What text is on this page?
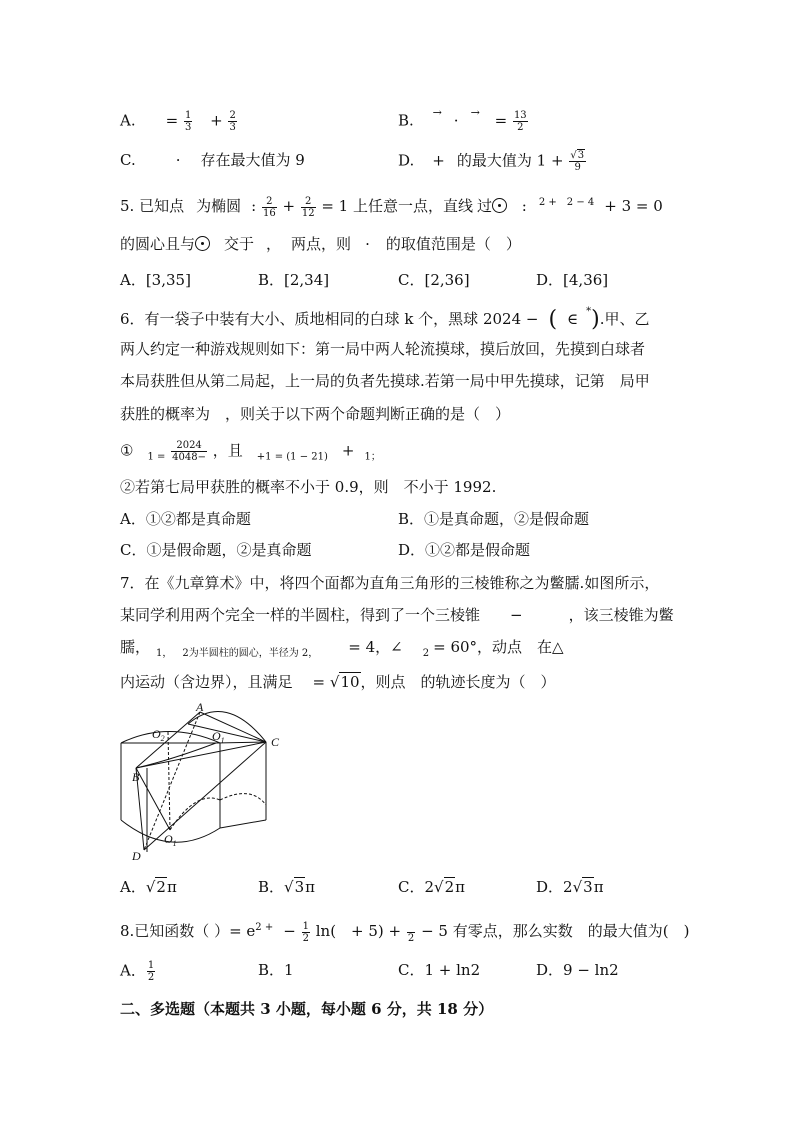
A. = $\frac{1}{3} + \frac{2}{3}$	B. $^\to \cdot ^\to = \frac{13}{2}$
C.	· 存在最大值为 9	D. + 的最大值为 $1 + \frac{√3}{9}$
5. 已知点 为椭圆 : $\frac{2}{16} + \frac{2}{12} = 1$ 上任意一点，直线 过 : $^{2 +}$ $^{2 - 4}$ + 3 = 0
的圆心且与 交于 ， 两点，则 · 的取值范围是（　）
A．[3,35]	B．[2,34]	C．[2,36]	D．[4,36]
6．有一袋子中装有大小、质地相同的白球 k 个，黑球 2024 − ( ∈ *).甲、乙
两人约定一种游戏规则如下：第一局中两人轮流摸球，摸后放回，先摸到白球者
本局获胜但从第二局起，上一局的负者先摸球.若第一局中甲先摸球，记第　局甲
获胜的概率为　，则关于以下两个命题判断正确的是（　）
① $_{1 =} \frac{2024}{4048-}$ ，且 $_{+1 = (1 - 21)}$ + $_{1;}$
②若第七局甲获胜的概率不小于 0.9，则　不小于 1992.
A．①②都是真命题	B．①是真命题，②是假命题
C．①是假命题，②是真命题	D．①②都是假命题
7．在《九章算术》中，将四个面都为直角三角形的三棱锥称之为鳖臑.如图所示，
某同学利用两个完全一样的半圆柱，得到了一个三棱锥 −	，该三棱锥为鳖
臑， $_{1,}$ $_{2为半圆柱的圆心,半径为 2,}$ = 4，∠ $_2$ = 60°，动点　在△
内运动（含边界），且满足 = √10，则点　的轨迹长度为（　）
A
B
C
D
$O_2$	$O_1$
$O_1$
A．√2π	B．√3π	C．2√2π	D．2√3π
8.已知函数（ ）= $e^{2 +} - \frac{1}{2} \ln$(　+ 5) +
2 − 5 有零点，那么实数　的最大值为(　)
A． $\frac{1}{2}$	B．1	C．1 + ln2	D．9 − ln2
二、多选题（本题共 3 小题，每小题 6 分，共 18 分）
